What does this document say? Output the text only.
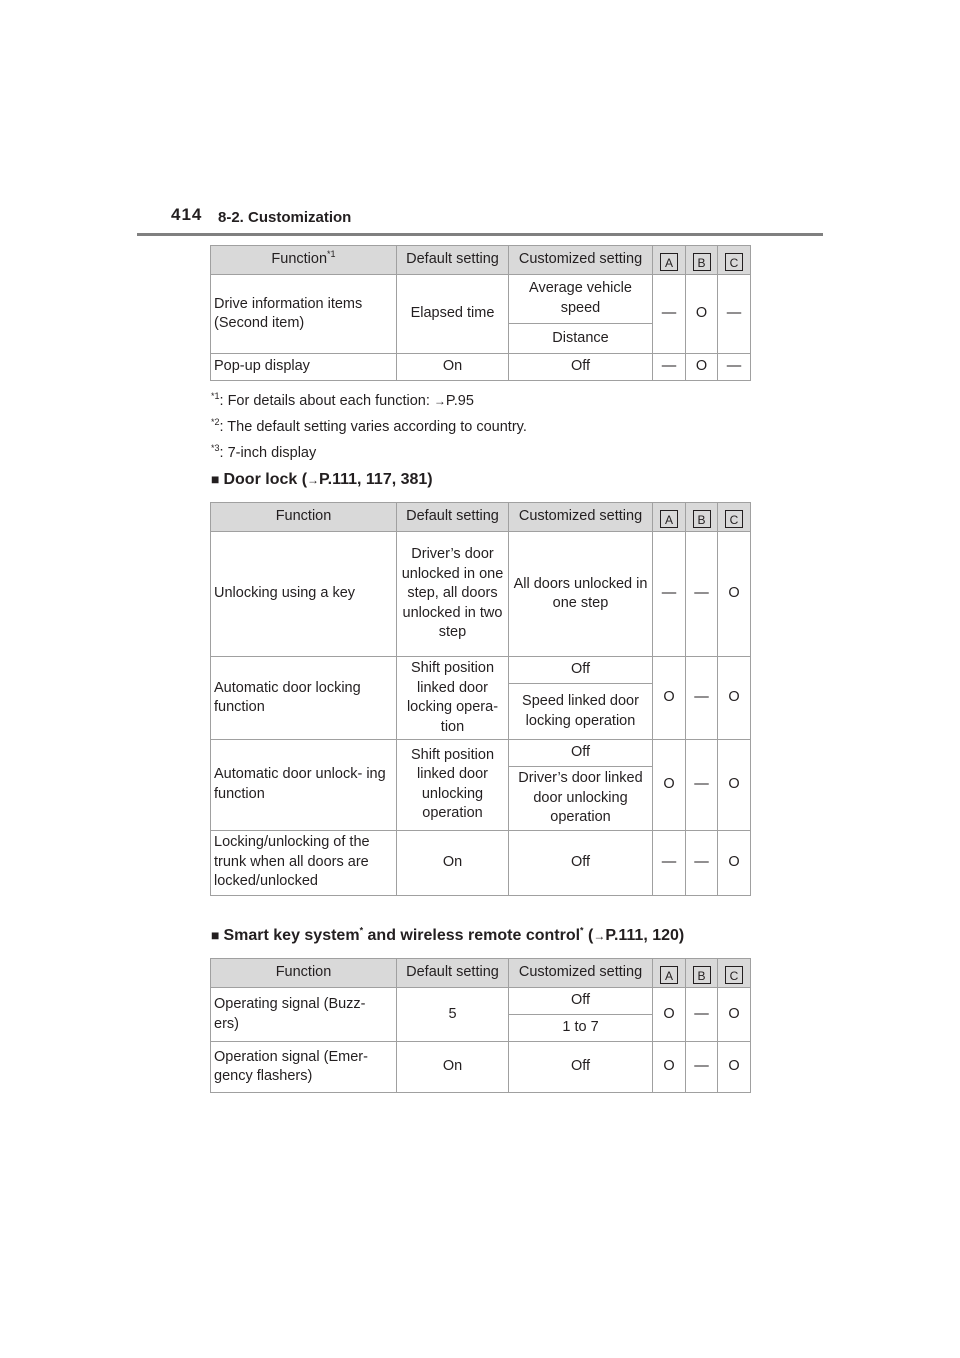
414 8-2. Customization
Function$^{*1}$	Default setting	Customized setting	A	B	C
Drive information items (Second item)	Elapsed time	Average vehicle speed	—	O	—
		Distance			
Pop-up display	On	Off	—	O	—
$^{*1}$: For details about each function: →P.95
$^{*2}$: The default setting varies according to country.
$^{*3}$: 7-inch display
■ Door lock (→P.111, 117, 381)
Function	Default setting	Customized setting	A	B	C
Unlocking using a key	Driver’s door unlocked in one step, all doors unlocked in two step	All doors unlocked in one step	—	—	O
Automatic door locking function	Shift position linked door locking opera- tion	Off	O	—	O
		Speed linked door locking operation			
Automatic door unlock- ing function	Shift position linked door unlocking operation	Off	O	—	O
		Driver’s door linked door unlocking operation			
Locking/unlocking of the trunk when all doors are locked/unlocked	On	Off	—	—	O
■ Smart key system* and wireless remote control* (→P.111, 120)
Function	Default setting	Customized setting	A	B	C
Operating signal (Buzz- ers)	5	Off	O	—	O
		1 to 7			
Operation signal (Emer- gency flashers)	On	Off	O	—	O
